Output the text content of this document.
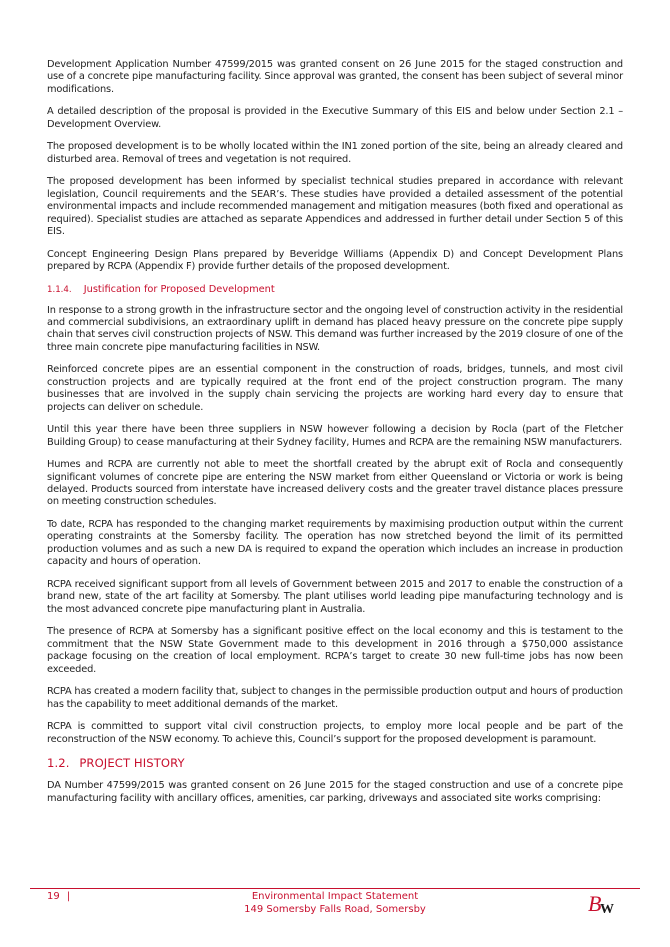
Development Application Number 47599/2015 was granted consent on 26 June 2015 for the staged construction and use of a concrete pipe manufacturing facility. Since approval was granted, the consent has been subject of several minor modifications.

A detailed description of the proposal is provided in the Executive Summary of this EIS and below under Section 2.1 – Development Overview.

The proposed development is to be wholly located within the IN1 zoned portion of the site, being an already cleared and disturbed area. Removal of trees and vegetation is not required.

The proposed development has been informed by specialist technical studies prepared in accordance with relevant legislation, Council requirements and the SEAR’s. These studies have provided a detailed assessment of the potential environmental impacts and include recommended management and mitigation measures (both fixed and operational as required). Specialist studies are attached as separate Appendices and addressed in further detail under Section 5 of this EIS.

Concept Engineering Design Plans prepared by Beveridge Williams (Appendix D) and Concept Development Plans prepared by RCPA (Appendix F) provide further details of the proposed development.

1.1.4. Justification for Proposed Development

In response to a strong growth in the infrastructure sector and the ongoing level of construction activity in the residential and commercial subdivisions, an extraordinary uplift in demand has placed heavy pressure on the concrete pipe supply chain that serves civil construction projects of NSW. This demand was further increased by the 2019 closure of one of the three main concrete pipe manufacturing facilities in NSW.

Reinforced concrete pipes are an essential component in the construction of roads, bridges, tunnels, and most civil construction projects and are typically required at the front end of the project construction program. The many businesses that are involved in the supply chain servicing the projects are working hard every day to ensure that projects can deliver on schedule.

Until this year there have been three suppliers in NSW however following a decision by Rocla (part of the Fletcher Building Group) to cease manufacturing at their Sydney facility, Humes and RCPA are the remaining NSW manufacturers.

Humes and RCPA are currently not able to meet the shortfall created by the abrupt exit of Rocla and consequently significant volumes of concrete pipe are entering the NSW market from either Queensland or Victoria or work is being delayed. Products sourced from interstate have increased delivery costs and the greater travel distance places pressure on meeting construction schedules.

To date, RCPA has responded to the changing market requirements by maximising production output within the current operating constraints at the Somersby facility. The operation has now stretched beyond the limit of its permitted production volumes and as such a new DA is required to expand the operation which includes an increase in production capacity and hours of operation.

RCPA received significant support from all levels of Government between 2015 and 2017 to enable the construction of a brand new, state of the art facility at Somersby. The plant utilises world leading pipe manufacturing technology and is the most advanced concrete pipe manufacturing plant in Australia.

The presence of RCPA at Somersby has a significant positive effect on the local economy and this is testament to the commitment that the NSW State Government made to this development in 2016 through a $750,000 assistance package focusing on the creation of local employment. RCPA’s target to create 30 new full-time jobs has now been exceeded.

RCPA has created a modern facility that, subject to changes in the permissible production output and hours of production has the capability to meet additional demands of the market.

RCPA is committed to support vital civil construction projects, to employ more local people and be part of the reconstruction of the NSW economy. To achieve this, Council’s support for the proposed development is paramount.

1.2. PROJECT HISTORY

DA Number 47599/2015 was granted consent on 26 June 2015 for the staged construction and use of a concrete pipe manufacturing facility with ancillary offices, amenities, car parking, driveways and associated site works comprising:

19 |	Environmental Impact Statement
149 Somersby Falls Road, Somersby	B
W
